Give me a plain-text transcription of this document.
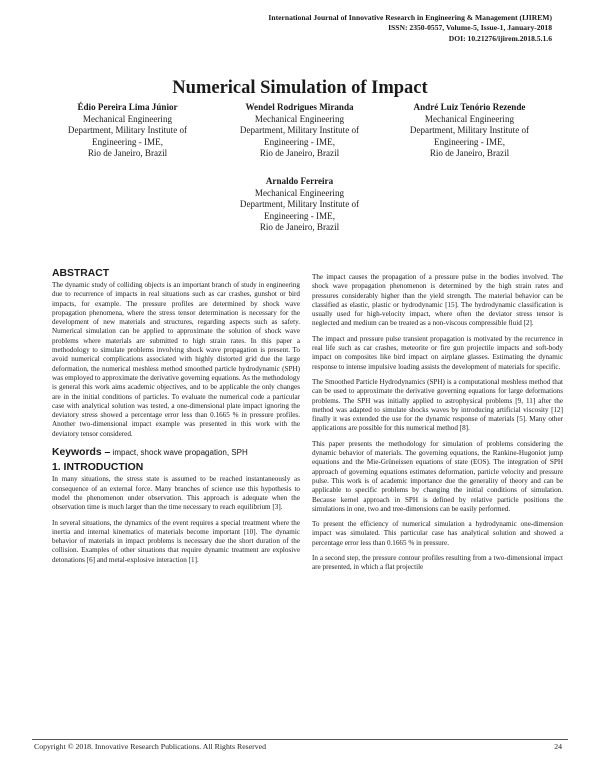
International Journal of Innovative Research in Engineering & Management (IJIREM)
ISSN: 2350-0557, Volume-5, Issue-1, January-2018
DOI: 10.21276/ijirem.2018.5.1.6
Numerical Simulation of Impact
Édio Pereira Lima Júnior
Mechanical Engineering
Department, Military Institute of
Engineering - IME,
Rio de Janeiro, Brazil
Wendel Rodrigues Miranda
Mechanical Engineering
Department, Military Institute of
Engineering - IME,
Rio de Janeiro, Brazil
André Luiz Tenório Rezende
Mechanical Engineering
Department, Military Institute of
Engineering - IME,
Rio de Janeiro, Brazil
Arnaldo Ferreira
Mechanical Engineering
Department, Military Institute of
Engineering - IME,
Rio de Janeiro, Brazil
ABSTRACT

The dynamic study of colliding objects is an important branch of study in engineering due to recurrence of impacts in real situations such as car crashes, gunshot or bird impacts, for example. The pressure profiles are determined by shock wave propagation phenomena, where the stress tensor determination is necessary for the development of new materials and structures, regarding aspects such as safety. Numerical simulation can be applied to approximate the solution of shock wave problems where materials are submitted to high strain rates. In this paper a methodology to simulate problems involving shock wave propagation is present. To avoid numerical complications associated with highly distorted grid due the large deformation, the numerical meshless method smoothed particle hydrodynamic (SPH) was employed to approximate the derivative governing equations. As the methodology is general this work aims academic objectives, and to be applicable the only changes are in the initial conditions of particles. To evaluate the numerical code a particular case with analytical solution was tested, a one-dimensional plate impact ignoring the deviatory stress showed a percentage error less than 0.1665 % in pressure profiles. Another two-dimensional impact example was presented in this work with the deviatory tensor considered.

Keywords – impact, shock wave propagation, SPH
1. INTRODUCTION

In many situations, the stress state is assumed to be reached instantaneously as consequence of an external force. Many branches of science use this hypothesis to model the phenomenon under observation. This approach is adequate when the observation time is much larger than the time necessary to reach equilibrium [3].

In several situations, the dynamics of the event requires a special treatment where the inertia and internal kinematics of materials become important [10]. The dynamic behavior of materials in impact problems is necessary due the short duration of the collision. Examples of other situations that require dynamic treatment are explosive detonations [6] and metal-explosive interaction [1].

The impact causes the propagation of a pressure pulse in the bodies involved. The shock wave propagation phenomenon is determined by the high strain rates and pressures considerably higher than the yield strength. The material behavior can be classified as elastic, plastic or hydrodynamic [15]. The hydrodynamic classification is usually used for high-velocity impact, where often the deviator stress tensor is neglected and medium can be treated as a non-viscous compressible fluid [2].

The impact and pressure pulse transient propagation is motivated by the recurrence in real life such as car crashes, meteorite or fire gun projectile impacts and soft-body impact on composites like bird impact on airplane glasses. Estimating the dynamic response to intense impulsive loading assists the development of materials for specific.

The Smoothed Particle Hydrodynamics (SPH) is a computational meshless method that can be used to approximate the derivative governing equations for large deformations problems. The SPH was initially applied to astrophysical problems [9, 11] after the method was adapted to simulate shocks waves by introducing artificial viscosity [12] finally it was extended the use for the dynamic response of materials [5]. Many other applications are possible for this numerical method [8].

This paper presents the methodology for simulation of problems considering the dynamic behavior of materials. The governing equations, the Rankine-Hugoniot jump equations and the Mie-Grüneissen equations of state (EOS). The integration of SPH approach of governing equations estimates deformation, particle velocity and pressure pulse. This work is of academic importance due the generality of theory and can be applicable to specific problems by changing the initial conditions of simulation. Because kernel approach in SPH is defined by relative particle positions the simulations in one, two and tree-dimensions can be easily performed.

To present the efficiency of numerical simulation a hydrodynamic one-dimension impact was simulated. This particular case has analytical solution and showed a percentage error less than 0.1665 % in pressure.

In a second step, the pressure contour profiles resulting from a two-dimensional impact are presented, in which a flat projectile

Copyright © 2018. Innovative Research Publications. All Rights Reserved	24
